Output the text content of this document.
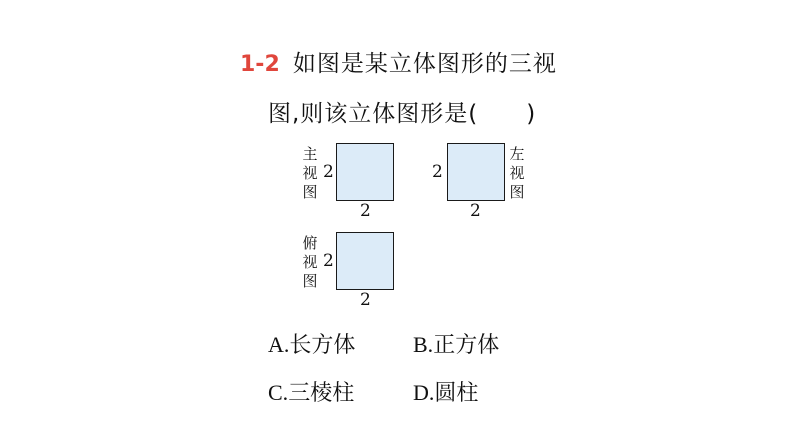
1-2 如图是某立体图形的三视
图,则该立体图形是(　　)
主视图
2
2
2
左视图
2
俯视图
2
2
A.长方体	B.正方体
C.三棱柱	D.圆柱
